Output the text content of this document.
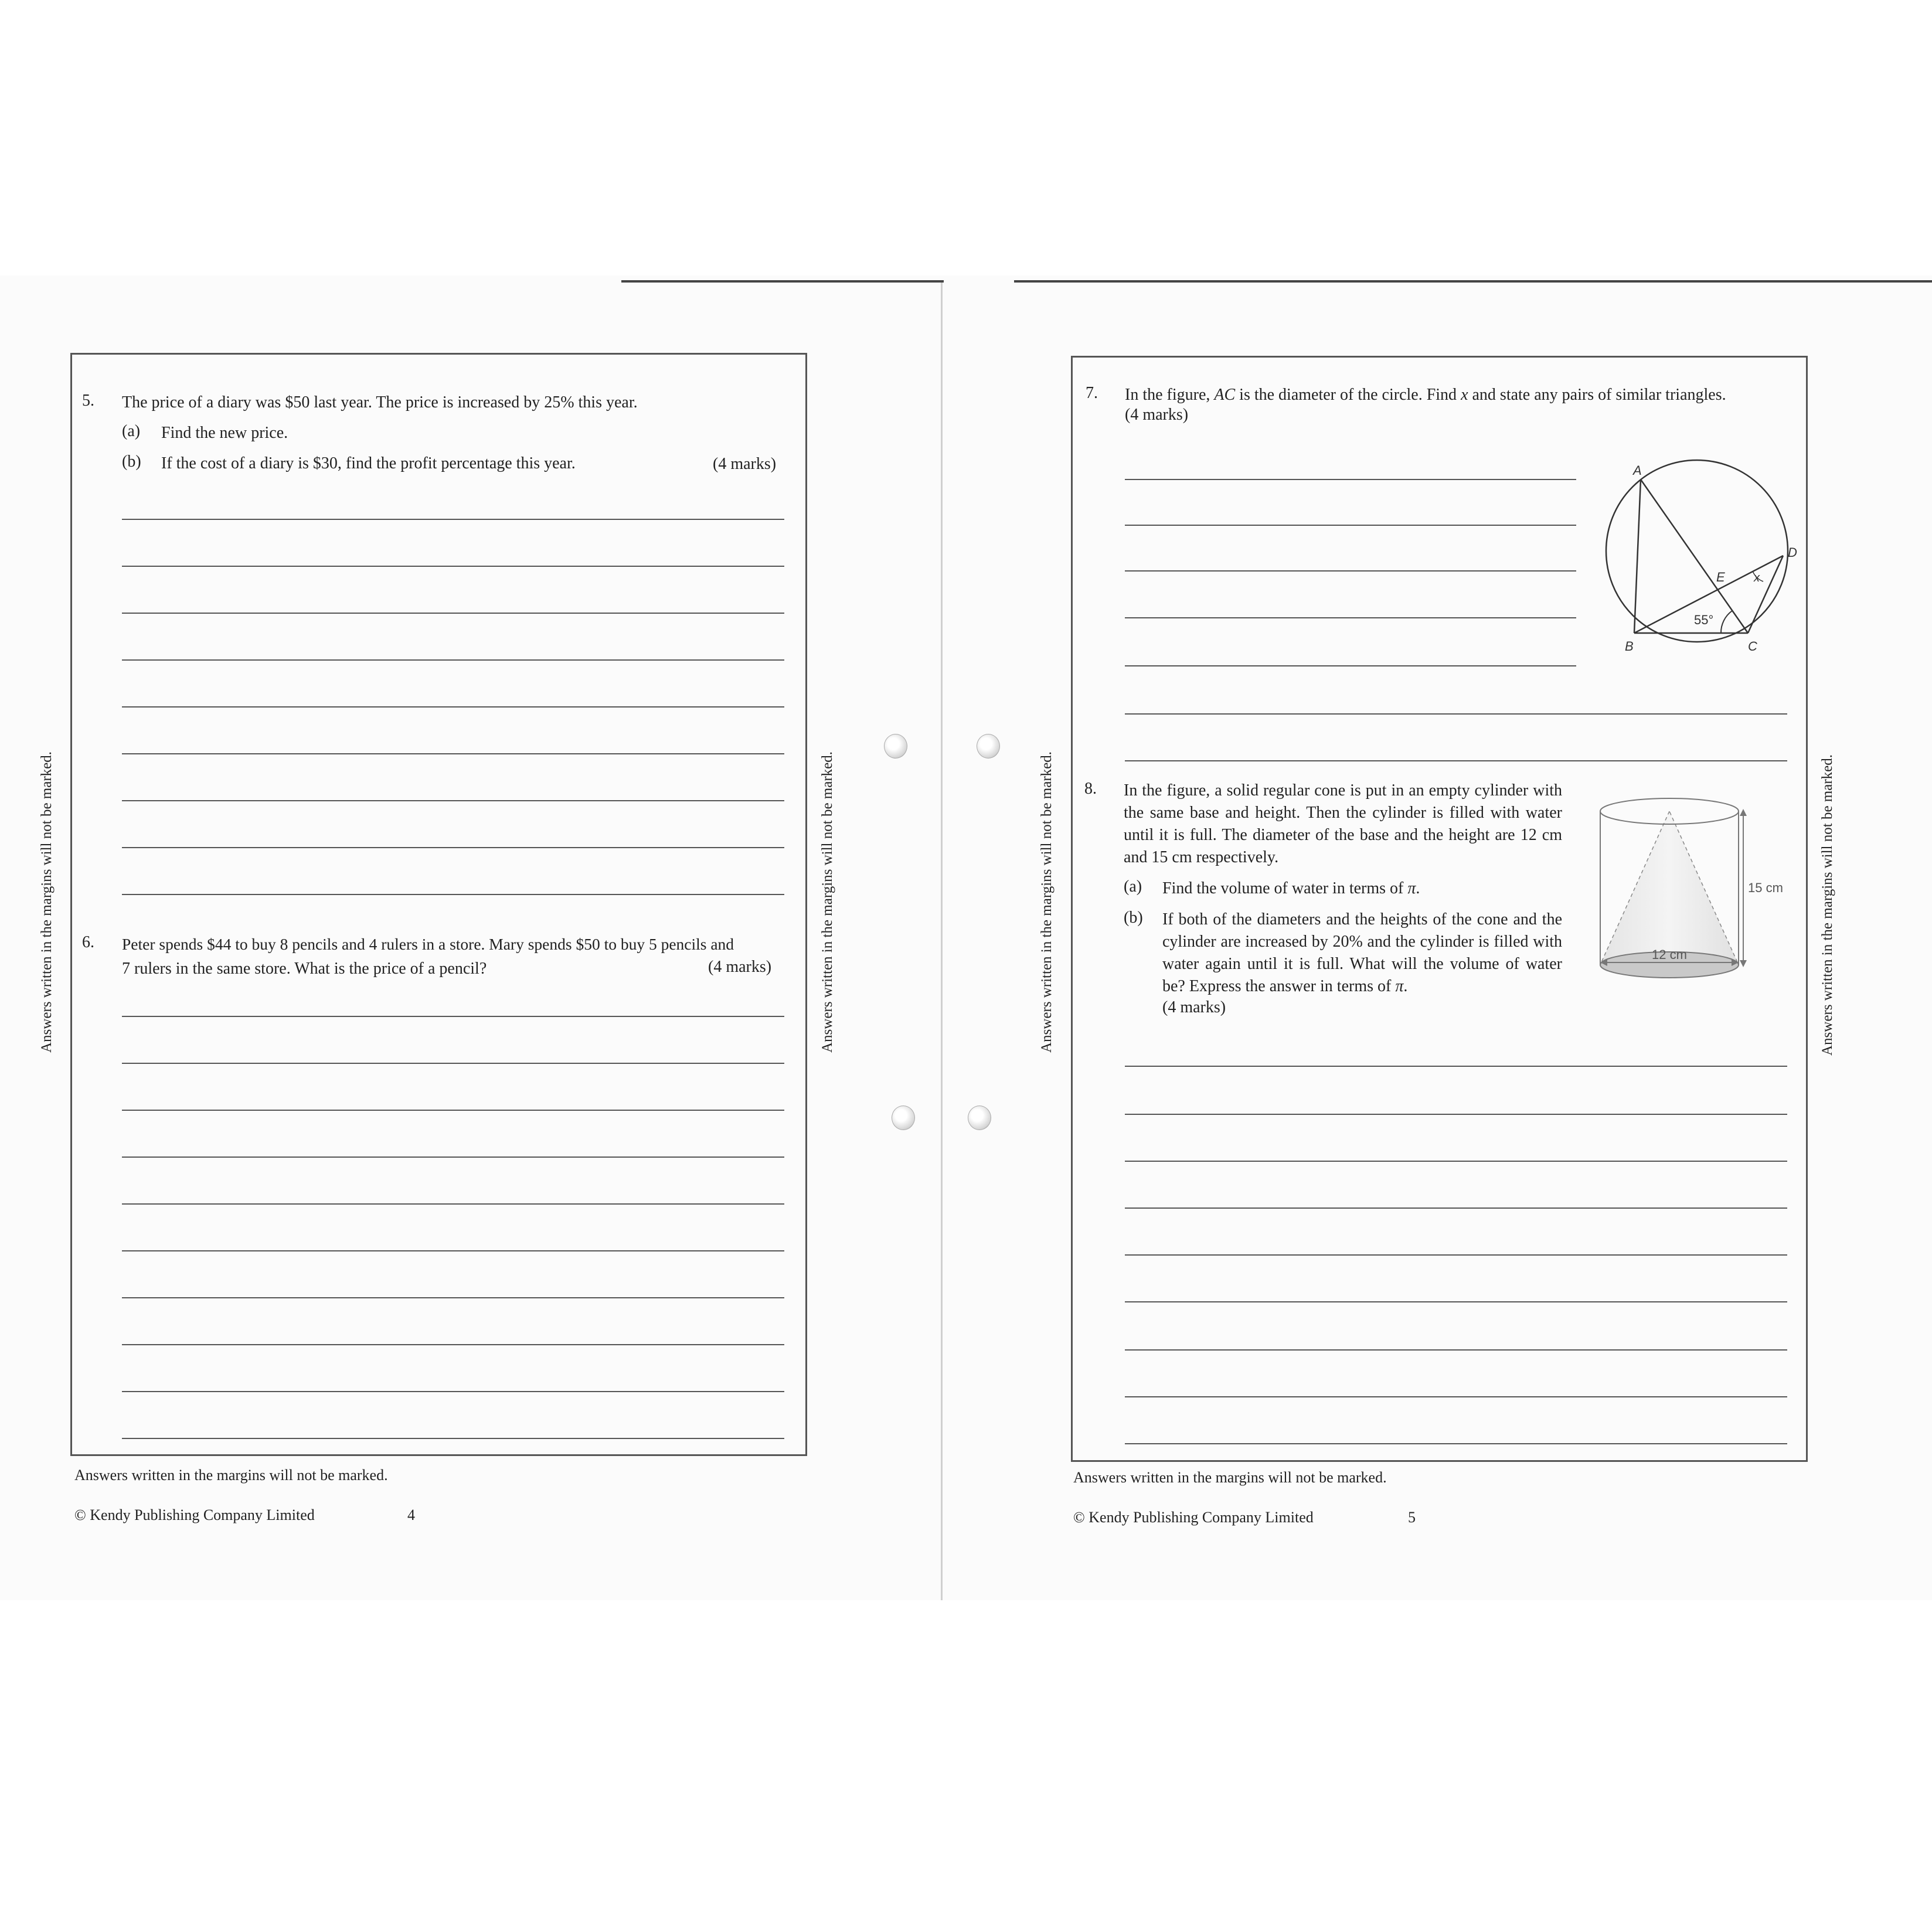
5. The price of a diary was $50 last year. The price is increased by 25% this year.
(a) Find the new price.
(b) If the cost of a diary is $30, find the profit percentage this year.	(4 marks)
6. Peter spends $44 to buy 8 pencils and 4 rulers in a store. Mary spends $50 to buy 5 pencils and
7 rulers in the same store. What is the price of a pencil?	(4 marks)
Answers written in the margins will not be marked.	Answers written in the margins will not be marked.
Answers written in the margins will not be marked.
© Kendy Publishing Company Limited	4
7. In the figure, AC is the diameter of the circle. Find x and state any pairs of similar triangles.
(4 marks)
A
B	C
D
E x
55°
8. In the figure, a solid regular cone is put in an empty cylinder with the same base and height. Then the cylinder is filled with water until it is full. The diameter of the base and the height are 12 cm and 15 cm respectively.
(a) Find the volume of water in terms of π.
(b) If both of the diameters and the heights of the cone and the cylinder are increased by 20% and the cylinder is filled with water again until it is full. What will the volume of water be? Express the answer in terms of π.
(4 marks)
12 cm
15 cm
Answers written in the margins will not be marked.	Answers written in the margins will not be marked.
Answers written in the margins will not be marked.
© Kendy Publishing Company Limited	5
